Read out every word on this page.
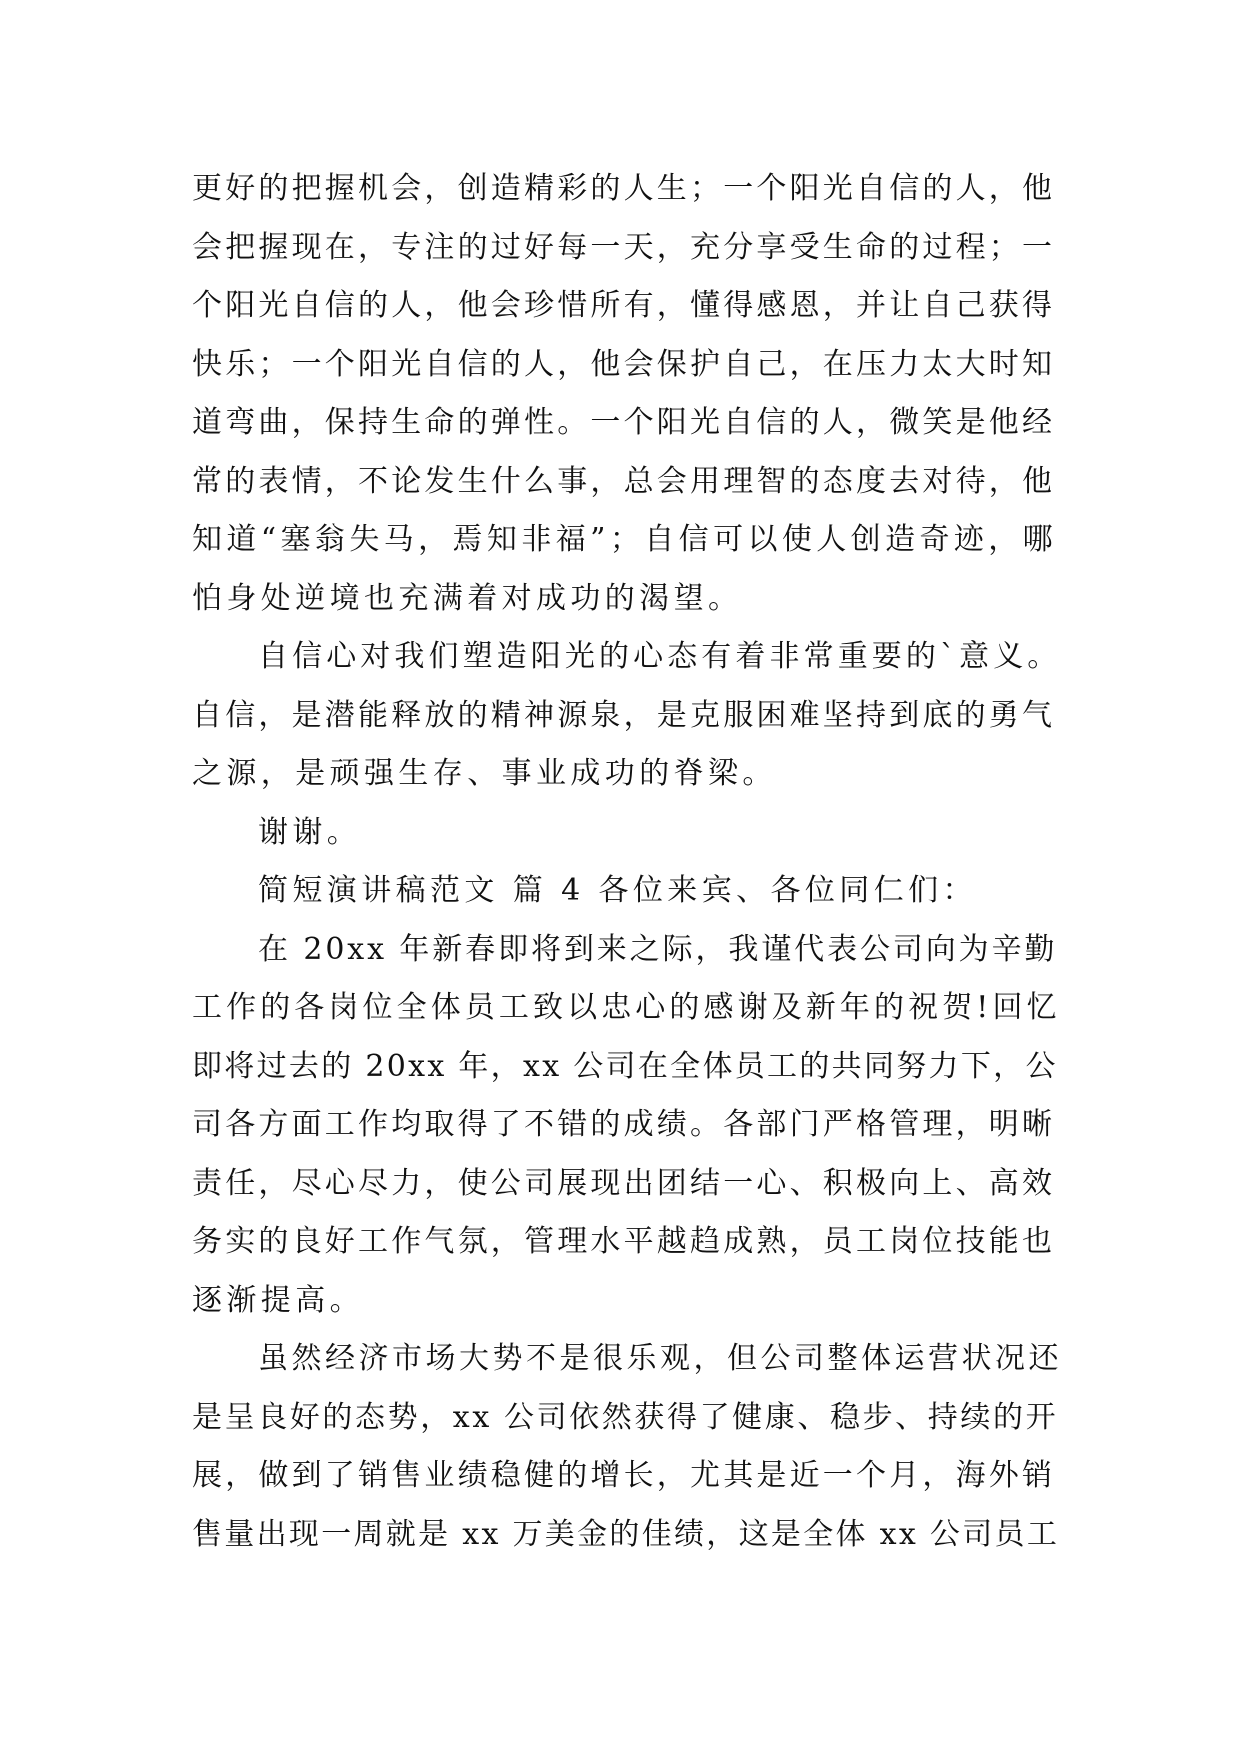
更好的把握机会，创造精彩的人生；一个阳光自信的人，他
会把握现在，专注的过好每一天，充分享受生命的过程；一
个阳光自信的人，他会珍惜所有，懂得感恩，并让自己获得
快乐；一个阳光自信的人，他会保护自己，在压力太大时知
道弯曲，保持生命的弹性。一个阳光自信的人，微笑是他经
常的表情，不论发生什么事，总会用理智的态度去对待，他
知道“塞翁失马，焉知非福”；自信可以使人创造奇迹，哪
怕身处逆境也充满着对成功的渴望。
自信心对我们塑造阳光的心态有着非常重要的`意义。
自信，是潜能释放的精神源泉，是克服困难坚持到底的勇气
之源，是顽强生存、事业成功的脊梁。
谢谢。
简短演讲稿范文 篇 4 各位来宾、各位同仁们：
在 20xx 年新春即将到来之际，我谨代表公司向为辛勤
工作的各岗位全体员工致以忠心的感谢及新年的祝贺!回忆
即将过去的 20xx 年，xx 公司在全体员工的共同努力下，公
司各方面工作均取得了不错的成绩。各部门严格管理，明晰
责任，尽心尽力，使公司展现出团结一心、积极向上、高效
务实的良好工作气氛，管理水平越趋成熟，员工岗位技能也
逐渐提高。
虽然经济市场大势不是很乐观，但公司整体运营状况还
是呈良好的态势，xx 公司依然获得了健康、稳步、持续的开
展，做到了销售业绩稳健的增长，尤其是近一个月，海外销
售量出现一周就是 xx 万美金的佳绩，这是全体 xx 公司员工
